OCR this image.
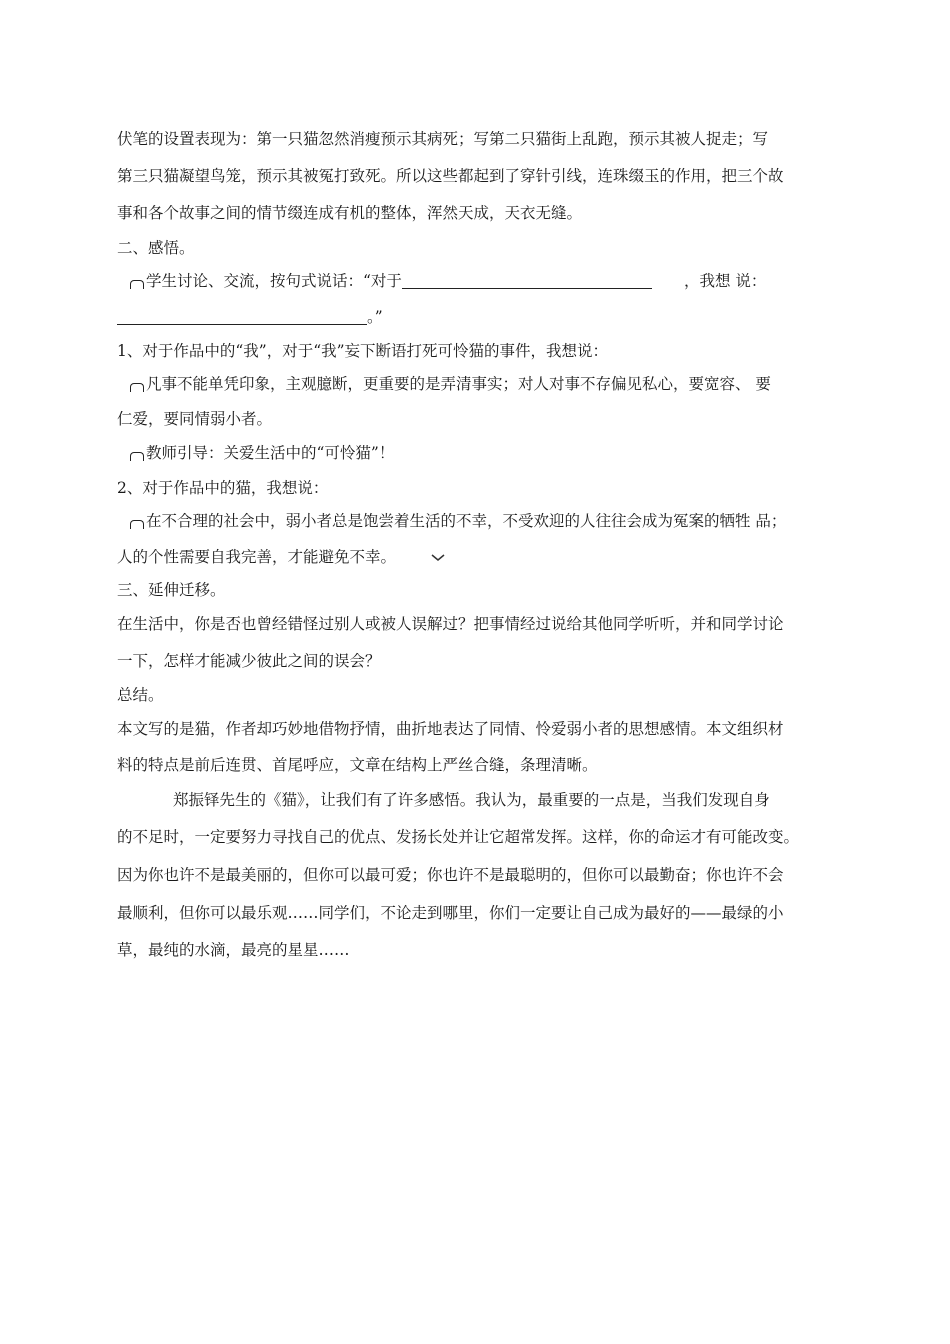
伏笔的设置表现为：第一只猫忽然消瘦预示其病死；写第二只猫街上乱跑，预示其被人捉走；写

第三只猫凝望鸟笼，预示其被冤打致死。所以这些都起到了穿针引线，连珠缀玉的作用，把三个故

事和各个故事之间的情节缀连成有机的整体，浑然天成，天衣无缝。

二、感悟。

学生讨论、交流，按句式说话：“对于	，我想 说：

。”

1、对于作品中的“我”，对于“我”妄下断语打死可怜猫的事件，我想说：

凡事不能单凭印象，主观臆断，更重要的是弄清事实；对人对事不存偏见私心，要宽容、 要

仁爱，要同情弱小者。

教师引导：关爱生活中的“可怜猫”！

2、对于作品中的猫，我想说：

在不合理的社会中，弱小者总是饱尝着生活的不幸，不受欢迎的人往往会成为冤案的牺牲 品；

人的个性需要自我完善，才能避免不幸。

三、延伸迁移。

在生活中，你是否也曾经错怪过别人或被人误解过？把事情经过说给其他同学听听，并和同学讨论

一下，怎样才能减少彼此之间的误会？

总结。

本文写的是猫，作者却巧妙地借物抒情，曲折地表达了同情、怜爱弱小者的思想感情。本文组织材

料的特点是前后连贯、首尾呼应，文章在结构上严丝合缝，条理清晰。

郑振铎先生的《猫》，让我们有了许多感悟。我认为，最重要的一点是，当我们发现自身

的不足时，一定要努力寻找自己的优点、发扬长处并让它超常发挥。这样，你的命运才有可能改变。

因为你也许不是最美丽的，但你可以最可爱；你也许不是最聪明的，但你可以最勤奋；你也许不会

最顺利，但你可以最乐观……同学们，不论走到哪里，你们一定要让自己成为最好的——最绿的小

草，最纯的水滴，最亮的星星……
